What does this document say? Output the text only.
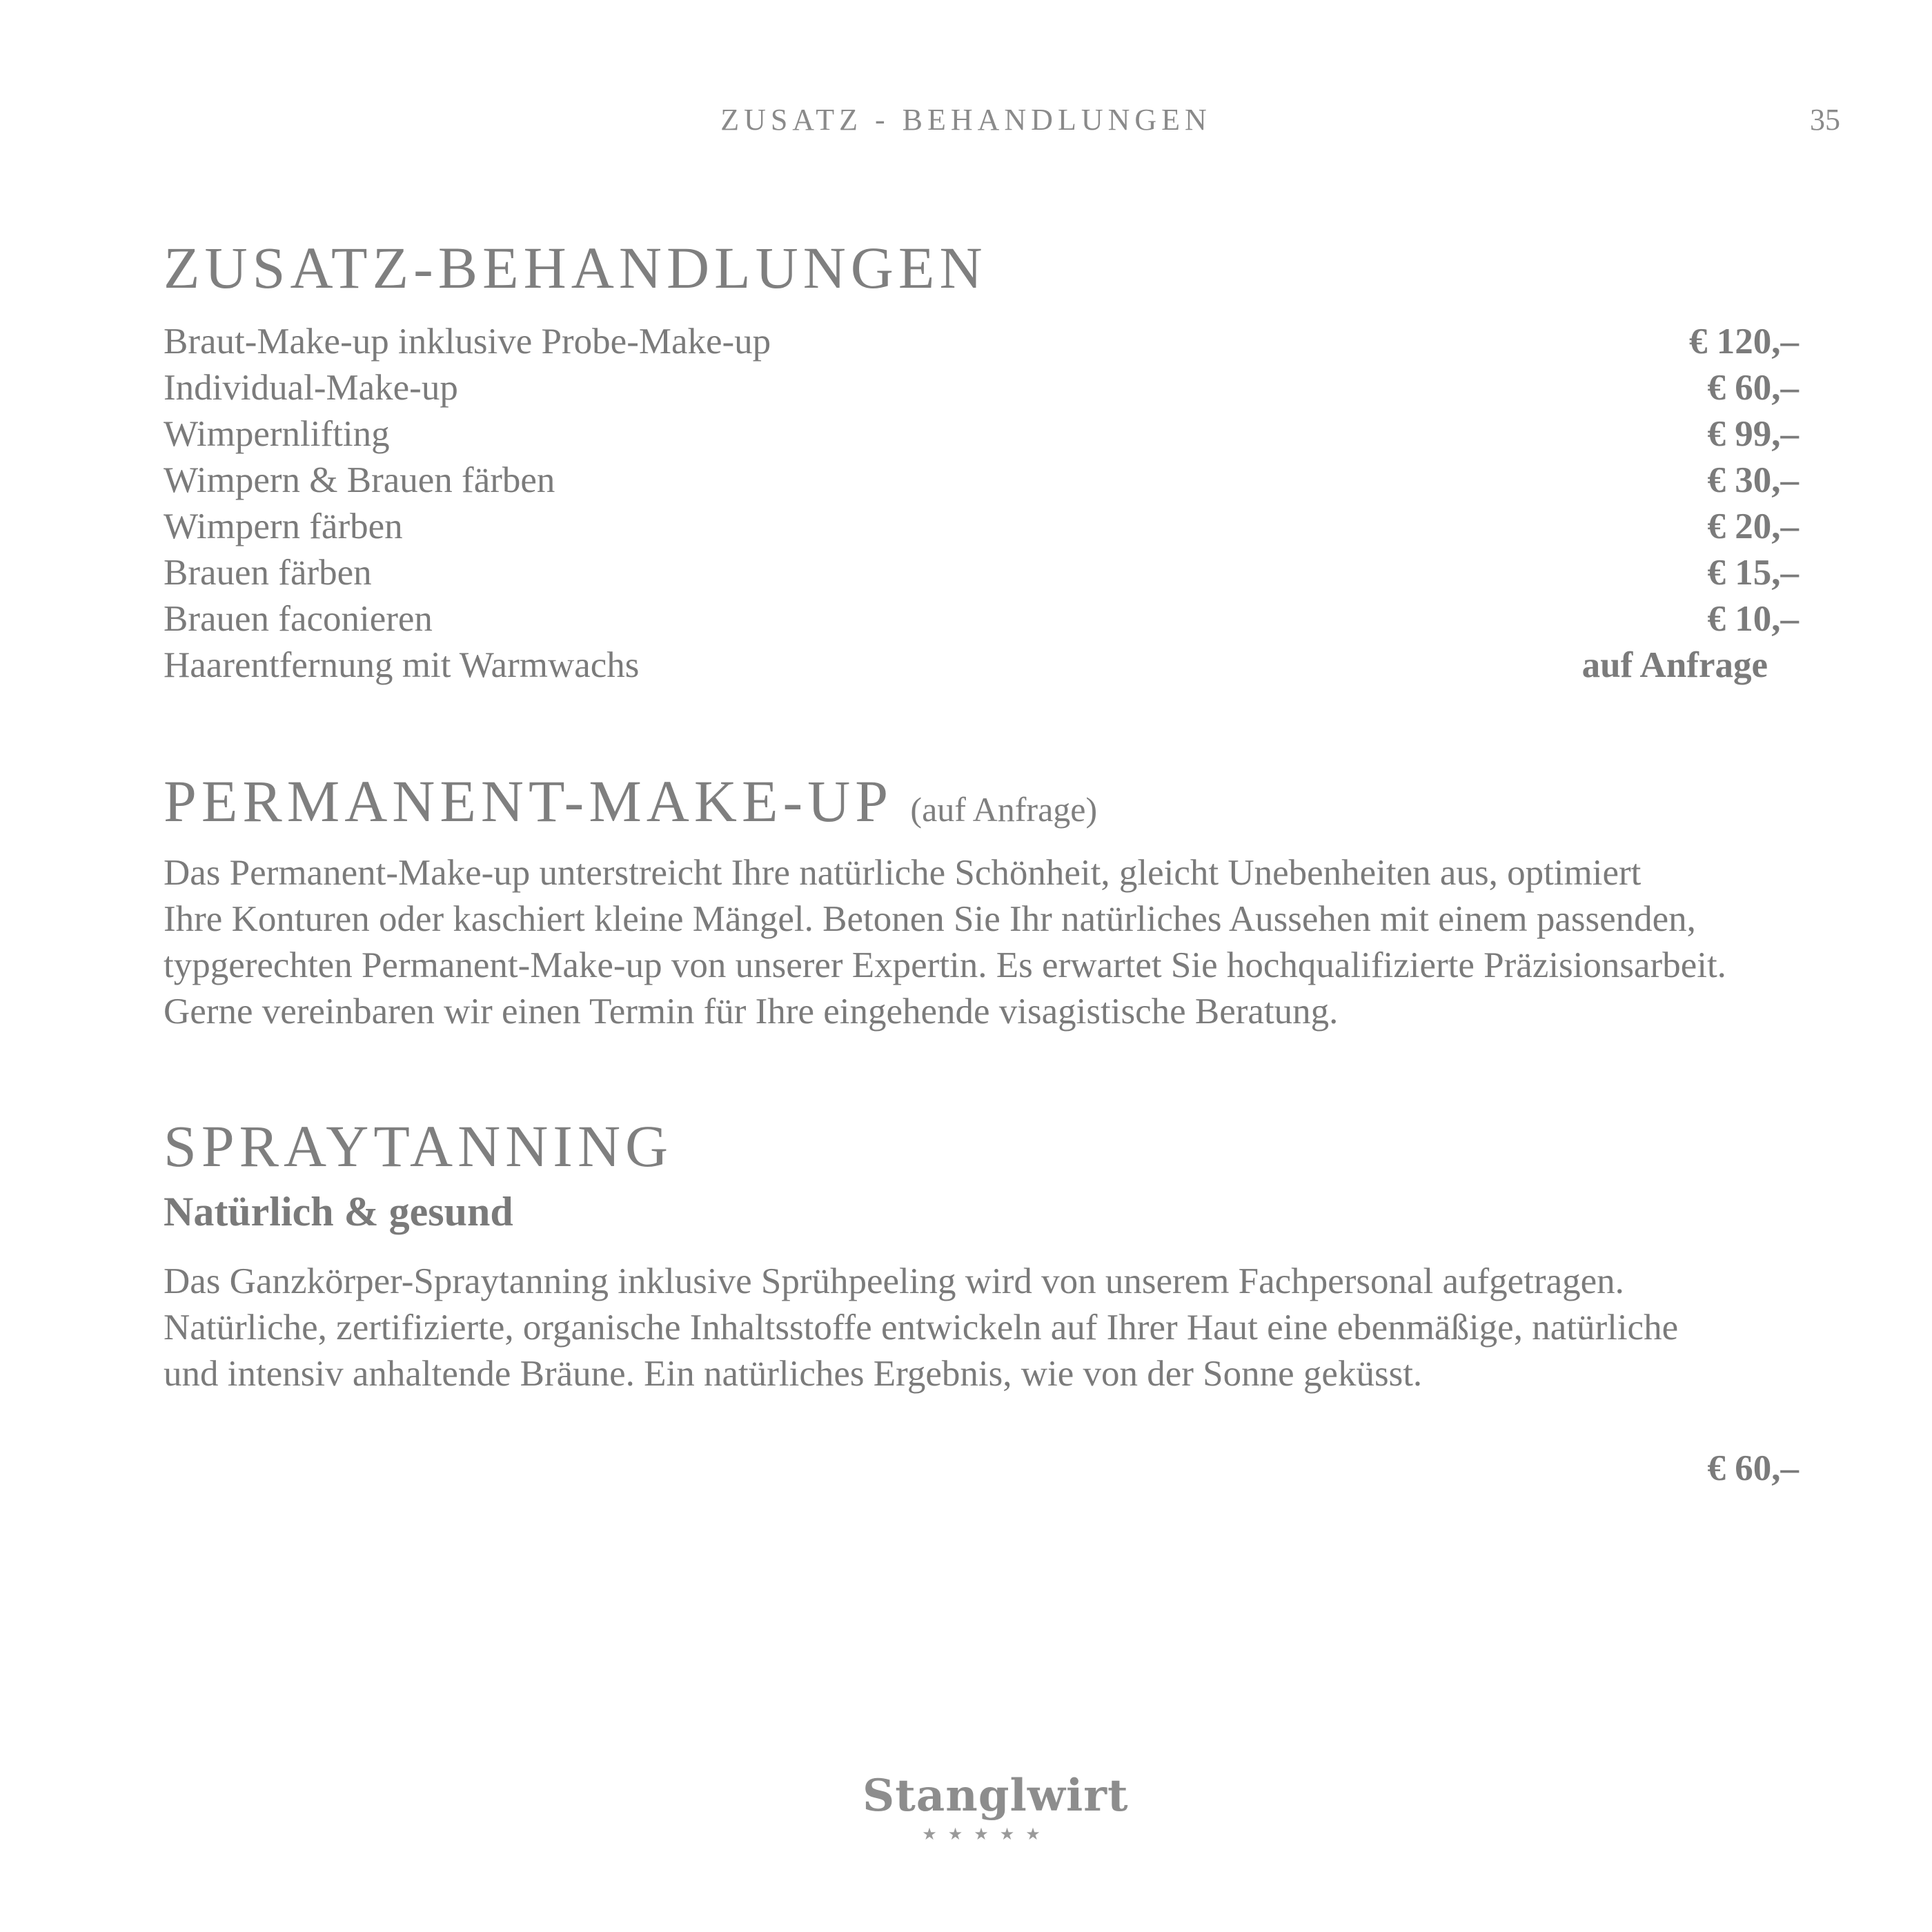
ZUSATZ - BEHANDLUNGEN	35
ZUSATZ-BEHANDLUNGEN
Braut-Make-up inklusive Probe-Make-up	€ 120,–
Individual-Make-up	€ 60,–
Wimpernlifting	€ 99,–
Wimpern & Brauen färben	€ 30,–
Wimpern färben	€ 20,–
Brauen färben	€ 15,–
Brauen faconieren	€ 10,–
Haarentfernung mit Warmwachs	auf Anfrage
PERMANENT-MAKE-UP (auf Anfrage)

Das Permanent-Make-up unterstreicht Ihre natürliche Schönheit, gleicht Unebenheiten aus, optimiert
Ihre Konturen oder kaschiert kleine Mängel. Betonen Sie Ihr natürliches Aussehen mit einem passenden,
typgerechten Permanent-Make-up von unserer Expertin. Es erwartet Sie hochqualifizierte Präzisionsarbeit.
Gerne vereinbaren wir einen Termin für Ihre eingehende visagistische Beratung.

SPRAYTANNING
Natürlich & gesund

Das Ganzkörper-Spraytanning inklusive Sprühpeeling wird von unserem Fachpersonal aufgetragen.
Natürliche, zertifizierte, organische Inhaltsstoffe entwickeln auf Ihrer Haut eine ebenmäßige, natürliche
und intensiv anhaltende Bräune. Ein natürliches Ergebnis, wie von der Sonne geküsst.

€ 60,–
Stanglwirt
★★★★★
